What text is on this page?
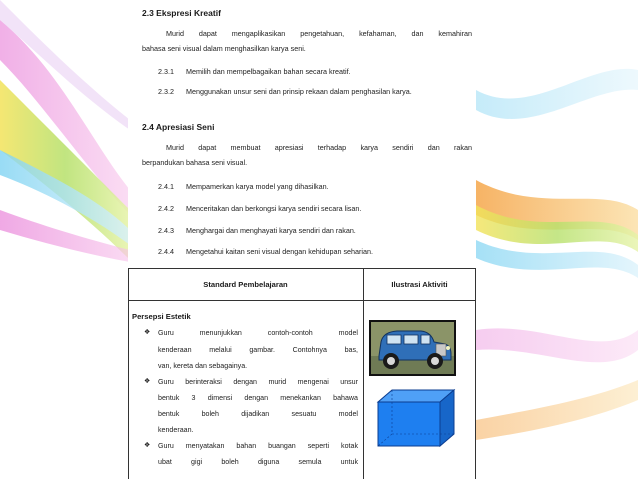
2.3 Ekspresi Kreatif
Murid dapat mengaplikasikan pengetahuan, kefahaman, dan kemahiran
bahasa seni visual dalam menghasilkan karya seni.
2.3.1 Memilih dan mempelbagaikan bahan secara kreatif.
2.3.2 Menggunakan unsur seni dan prinsip rekaan dalam penghasilan karya.
2.4 Apresiasi Seni
Murid dapat membuat apresiasi terhadap karya sendiri dan rakan
berpandukan bahasa seni visual.
2.4.1 Mempamerkan karya model yang dihasilkan.
2.4.2 Menceritakan dan berkongsi karya sendiri secara lisan.
2.4.3 Menghargai dan menghayati karya sendiri dan rakan.
2.4.4 Mengetahui kaitan seni visual dengan kehidupan seharian.
Standard Pembelajaran	Ilustrasi Aktiviti
Persepsi Estetik
❖ Guru menunjukkan contoh-contoh model
kenderaan melalui gambar. Contohnya bas,
van, kereta dan sebagainya.
❖ Guru berinteraksi dengan murid mengenai unsur
bentuk 3 dimensi dengan menekankan bahawa
bentuk boleh dijadikan sesuatu model
kenderaan.
❖ Guru menyatakan bahan buangan seperti kotak
ubat gigi boleh diguna semula untuk
